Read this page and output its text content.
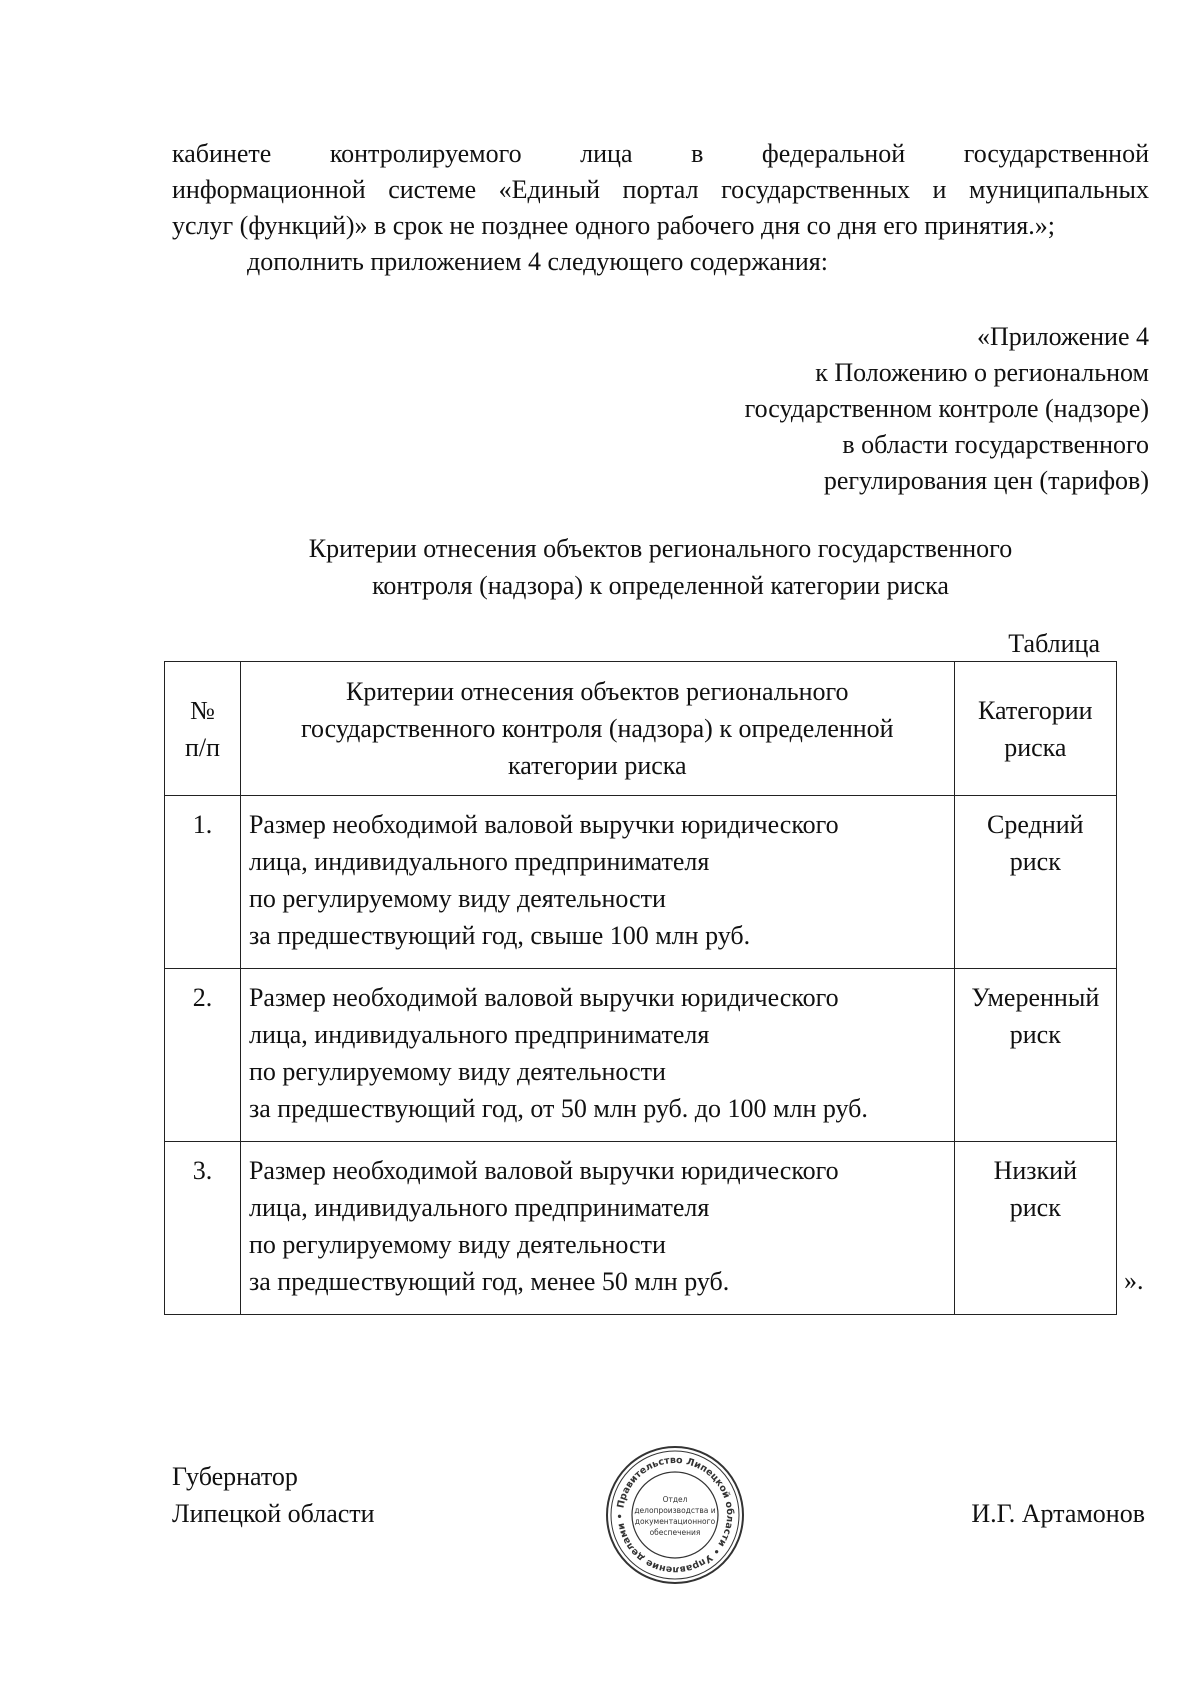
кабинете контролируемого лица в федеральной государственной
информационной системе «Единый портал государственных и муниципальных
услуг (функций)» в срок не позднее одного рабочего дня со дня его принятия.»;
дополнить приложением 4 следующего содержания:
«Приложение 4
к Положению о региональном
государственном контроле (надзоре)
в области государственного
регулирования цен (тарифов)
Критерии отнесения объектов регионального государственного
контроля (надзора) к определенной категории риска
Таблица
№
п/п	Критерии отнесения объектов регионального
государственного контроля (надзора) к определенной
категории риска	Категории
риска

1.	Размер необходимой валовой выручки юридического
лица, индивидуального предпринимателя
по регулируемому виду деятельности
за предшествующий год, свыше 100 млн руб.	Средний
риск

2.	Размер необходимой валовой выручки юридического
лица, индивидуального предпринимателя
по регулируемому виду деятельности
за предшествующий год, от 50 млн руб. до 100 млн руб.	Умеренный
риск

3.	Размер необходимой валовой выручки юридического
лица, индивидуального предпринимателя
по регулируемому виду деятельности
за предшествующий год, менее 50 млн руб.	Низкий
риск
».
Губернатор
Липецкой области	Правительство Липецкой области • Управление делами •
Отдел
делопроизводства и
документационного
обеспечения
И.Г. Артамонов
